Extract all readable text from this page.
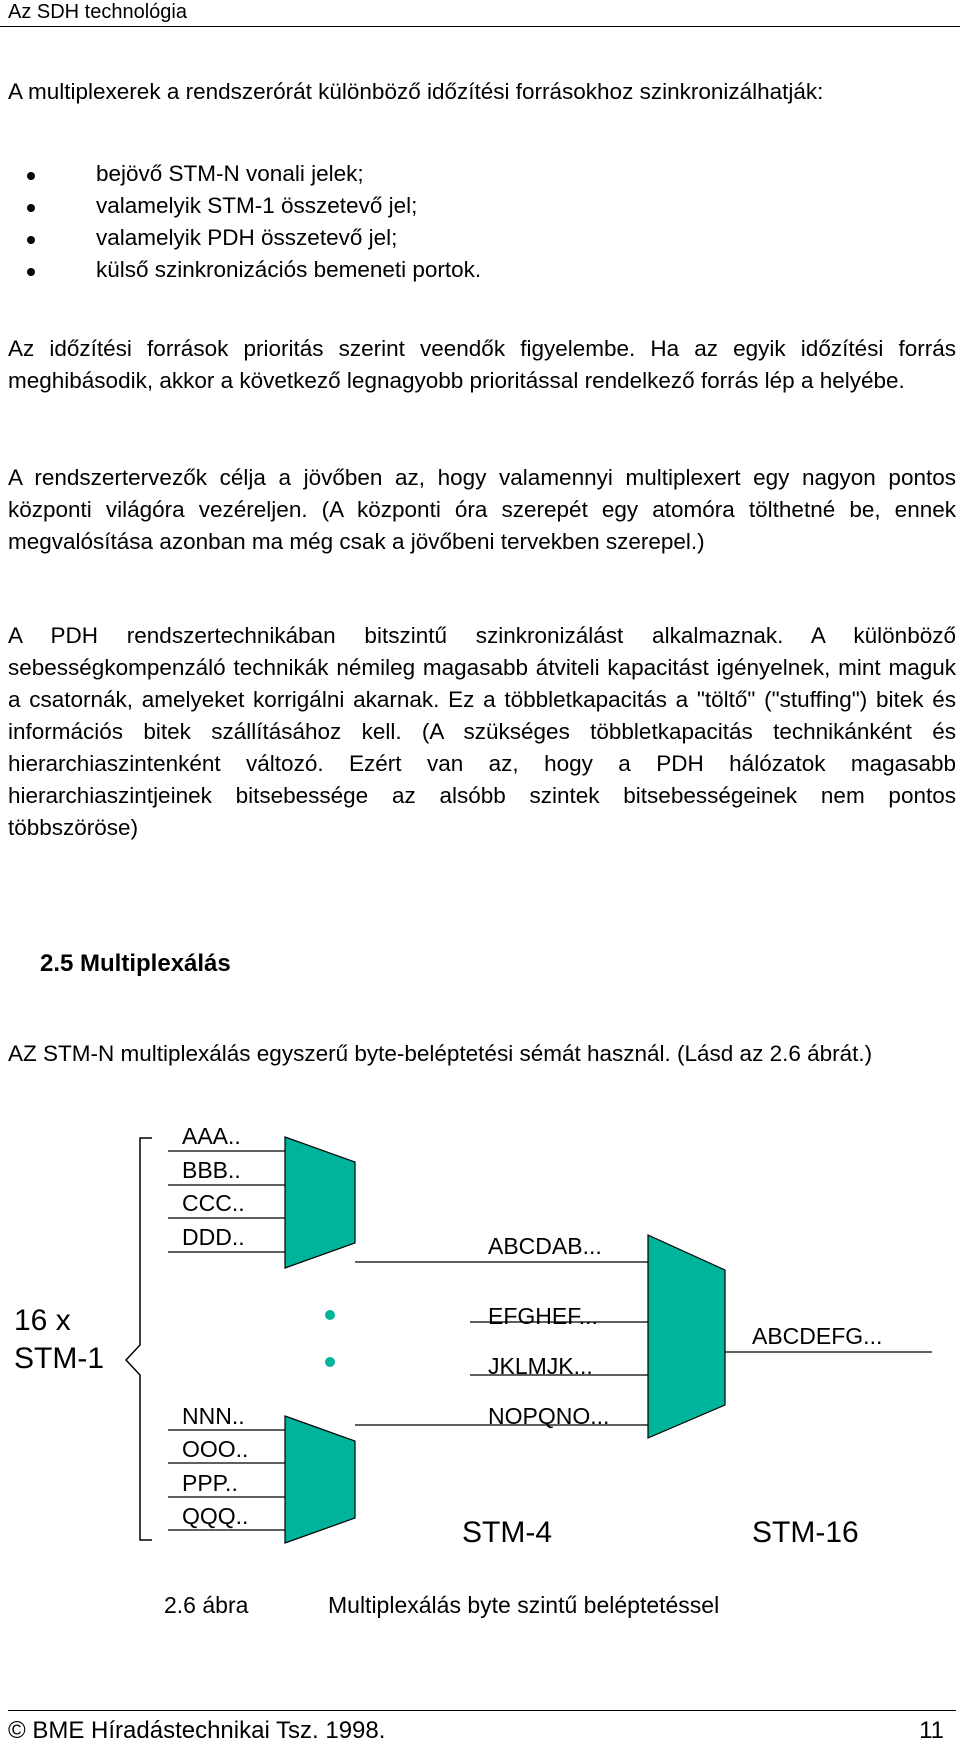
Az SDH technológia

A multiplexerek a rendszerórát különböző időzítési forrásokhoz szinkronizálhatják:

bejövő STM-N vonali jelek;
valamelyik STM-1 összetevő jel;
valamelyik PDH összetevő jel;
külső szinkronizációs bemeneti portok.

Az időzítési források prioritás szerint veendők figyelembe. Ha az egyik időzítési forrás meghibásodik, akkor a következő legnagyobb prioritással rendelkező forrás lép a helyébe.

A rendszertervezők célja a jövőben az, hogy valamennyi multiplexert egy nagyon pontos központi világóra vezéreljen. (A központi óra szerepét egy atomóra tölthetné be, ennek megvalósítása azonban ma még csak a jövőbeni tervekben szerepel.)

A PDH rendszertechnikában bitszintű szinkronizálást alkalmaznak. A különböző sebességkompenzáló technikák némileg magasabb átviteli kapacitást igényelnek, mint maguk a csatornák, amelyeket korrigálni akarnak. Ez a többletkapacitás a "töltő" ("stuffing") bitek és információs bitek szállításához kell. (A szükséges többletkapacitás technikánként és hierarchiaszintenként változó. Ezért van az, hogy a PDH hálózatok magasabb hierarchiaszintjeinek bitsebessége az alsóbb szintek bitsebességeinek nem pontos többszöröse)

2.5 Multiplexálás

AZ STM-N multiplexálás egyszerű byte-beléptetési sémát használ. (Lásd az 2.6 ábrát.)

16 x
STM-1
AAA..
BBB..
CCC..
DDD..
NNN..
OOO..
PPP..
QQQ..
ABCDAB...
EFGHEF...
JKLMJK...
NOPQNO...
ABCDEFG...
STM-4	STM-16
2.6 ábra	Multiplexálás byte szintű beléptetéssel
© BME Híradástechnikai Tsz. 1998.	11
